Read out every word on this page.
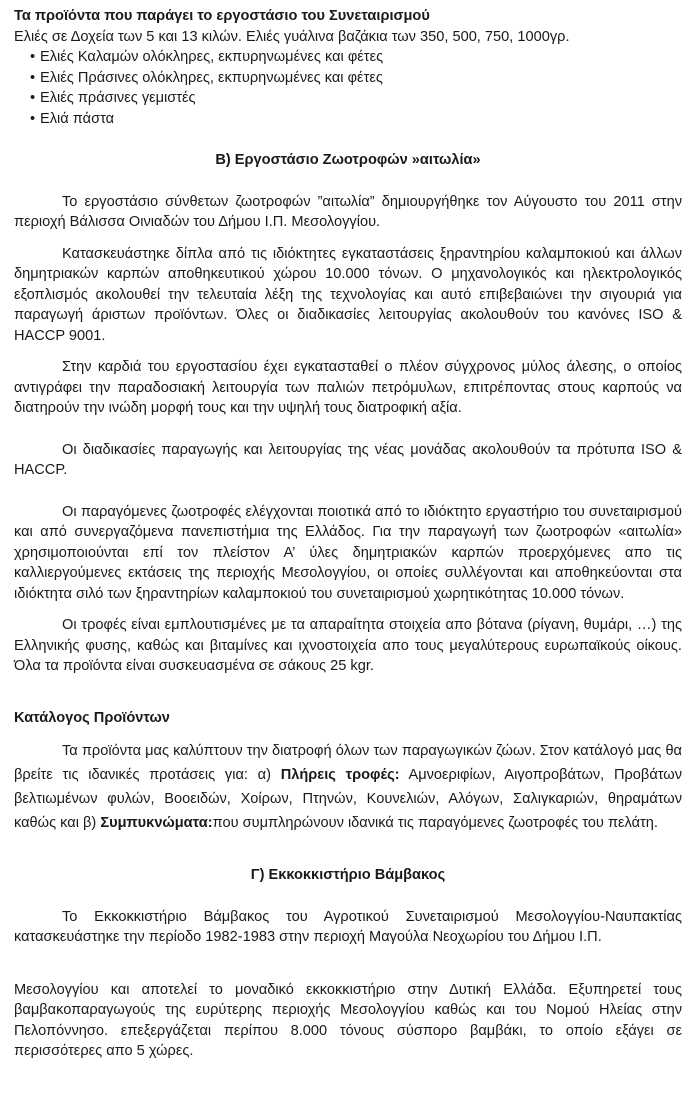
Τα προϊόντα που παράγει το εργοστάσιο του Συνεταιρισμού

Ελιές σε Δοχεία των 5 και 13 κιλών. Ελιές γυάλινα βαζάκια των 350, 500, 750, 1000γρ.

• Ελιές Καλαμών ολόκληρες, εκπυρηνωμένες και φέτες
• Ελιές Πράσινες ολόκληρες, εκπυρηνωμένες και φέτες
• Ελιές πράσινες γεμιστές
• Ελιά πάστα

Β) Εργοστάσιο Ζωοτροφών »αιτωλία»

Το εργοστάσιο σύνθετων ζωοτροφών ”αιτωλία” δημιουργήθηκε τον Αύγουστο του 2011 στην περιοχή Βάλισσα Οινιαδών του Δήμου Ι.Π. Μεσολογγίου.

Κατασκευάστηκε δίπλα από τις ιδιόκτητες εγκαταστάσεις ξηραντηρίου καλαμποκιού και άλλων δημητριακών καρπών αποθηκευτικού χώρου 10.000 τόνων. Ο μηχανολογικός και ηλεκτρολογικός εξοπλισμός ακολουθεί την τελευταία λέξη της τεχνολογίας και αυτό επιβεβαιώνει την σιγουριά για παραγωγή άριστων προϊόντων. Όλες οι διαδικασίες λειτουργίας ακολουθούν του κανόνες ISO & HACCP 9001.

Στην καρδιά του εργοστασίου έχει εγκατασταθεί ο πλέον σύγχρονος μύλος άλεσης, ο οποίος αντιγράφει την παραδοσιακή λειτουργία των παλιών πετρόμυλων, επιτρέποντας στους καρπούς να διατηρούν την ινώδη μορφή τους και την υψηλή τους διατροφική αξία.

Οι διαδικασίες παραγωγής και λειτουργίας της νέας μονάδας ακολουθούν τα πρότυπα ISO & HACCP.

Οι παραγόμενες ζωοτροφές ελέγχονται ποιοτικά από το ιδιόκτητο εργαστήριο του συνεταιρισμού και από συνεργαζόμενα πανεπιστήμια της Ελλάδος. Για την παραγωγή των ζωοτροφών «αιτωλία» χρησιμοποιούνται επί τον πλείστον Α’ ύλες δημητριακών καρπών προερχόμενες απο τις καλλιεργούμενες εκτάσεις της περιοχής Μεσολογγίου, οι οποίες συλλέγονται και αποθηκεύονται στα ιδιόκτητα σιλό των ξηραντηρίων καλαμποκιού του συνεταιρισμού χωρητικότητας 10.000 τόνων.

Οι τροφές είναι εμπλουτισμένες με τα απαραίτητα στοιχεία απο βότανα (ρίγανη, θυμάρι, …) της Ελληνικής φυσης, καθώς και βιταμίνες και ιχνοστοιχεία απο τους μεγαλύτερους ευρωπαϊκούς οίκους. Όλα τα προϊόντα είναι συσκευασμένα σε σάκους 25 kgr.

Κατάλογος Προϊόντων

Τα προϊόντα μας καλύπτουν την διατροφή όλων των παραγωγικών ζώων. Στον κατάλογό μας θα βρείτε τις ιδανικές προτάσεις για: α) Πλήρεις τροφές: Αμνοεριφίων, Αιγοπροβάτων, Προβάτων βελτιωμένων φυλών, Βοοειδών, Χοίρων, Πτηνών, Κουνελιών, Αλόγων, Σαλιγκαριών, θηραμάτων καθώς και β) Συμπυκνώματα:που συμπληρώνουν ιδανικά τις παραγόμενες ζωοτροφές του πελάτη.

Γ) Εκκοκκιστήριο Βάμβακος

Το Εκκοκκιστήριο Βάμβακος του Αγροτικού Συνεταιρισμού Μεσολογγίου-Ναυπακτίας κατασκευάστηκε την περίοδο 1982-1983 στην περιοχή Μαγούλα Νεοχωρίου του Δήμου Ι.Π.

Μεσολογγίου και αποτελεί το μοναδικό εκκοκκιστήριο στην Δυτική Ελλάδα. Εξυπηρετεί τους βαμβακοπαραγωγούς της ευρύτερης περιοχής Μεσολογγίου καθώς και του Νομού Ηλείας στην Πελοπόννησο. επεξεργάζεται περίπου 8.000 τόνους σύσπορο βαμβάκι, το οποίο εξάγει σε περισσότερες απο 5 χώρες.
